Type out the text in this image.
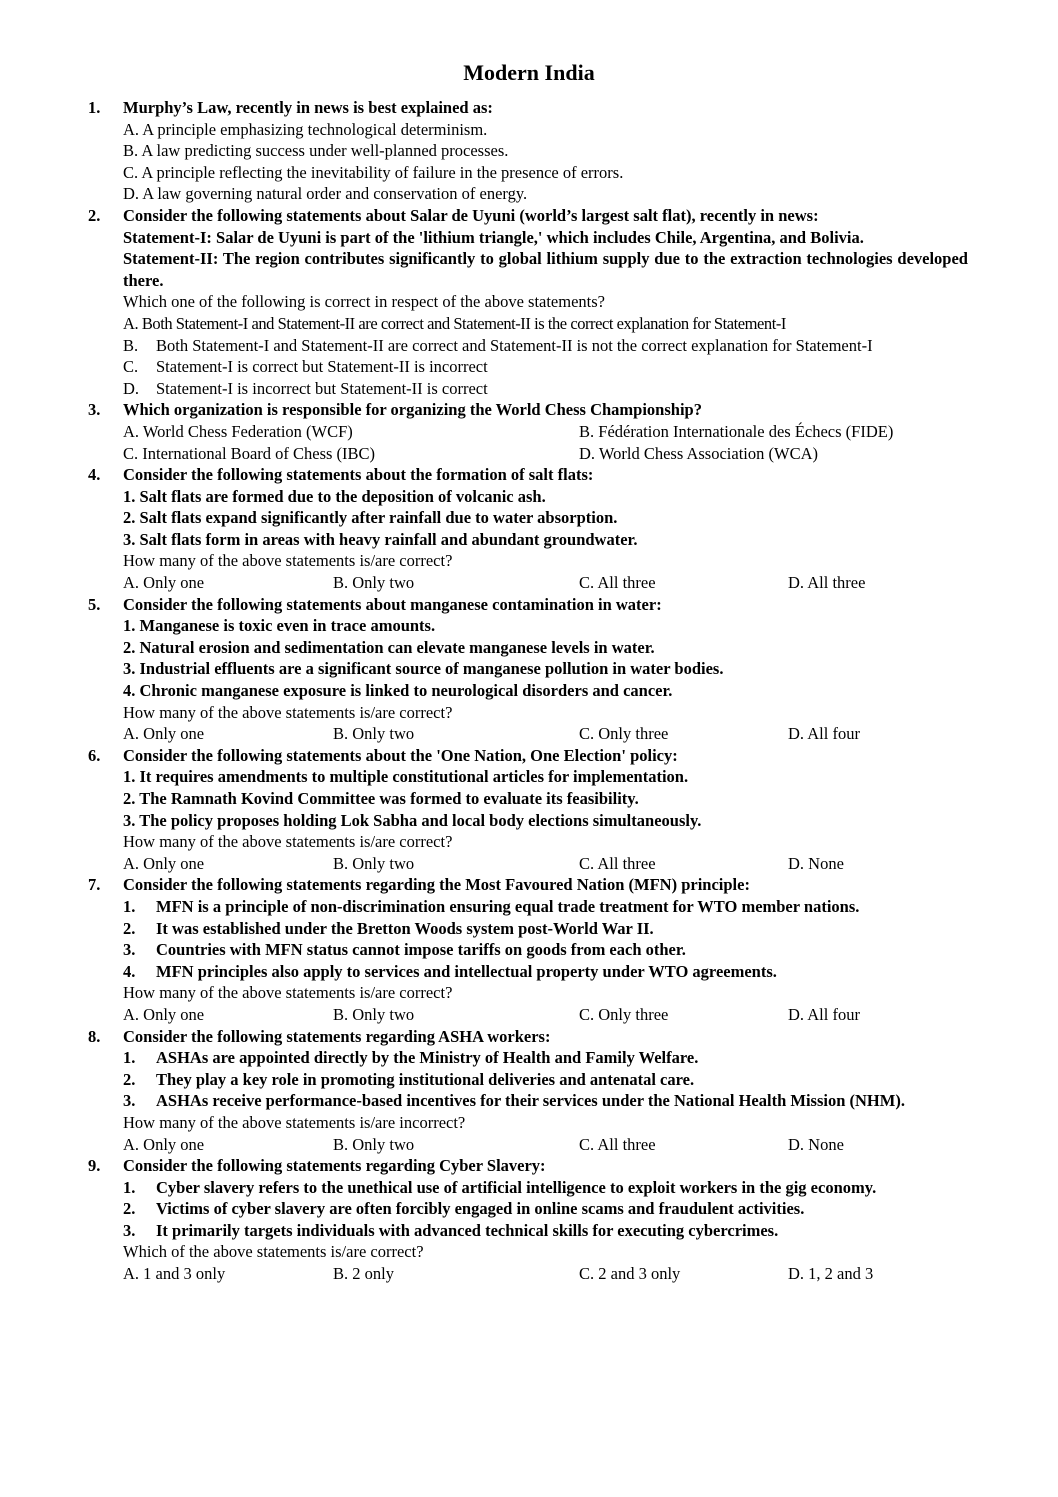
Modern India
1.	Murphy’s Law, recently in news is best explained as:
A. A principle emphasizing technological determinism.
B. A law predicting success under well-planned processes.
C. A principle reflecting the inevitability of failure in the presence of errors.
D. A law governing natural order and conservation of energy.
2.	Consider the following statements about Salar de Uyuni (world’s largest salt flat), recently in news:
Statement-I: Salar de Uyuni is part of the 'lithium triangle,' which includes Chile, Argentina, and Bolivia.
Statement-II: The region contributes significantly to global lithium supply due to the extraction technologies developed there.
Which one of the following is correct in respect of the above statements?
A. Both Statement-I and Statement-II are correct and Statement-II is the correct explanation for Statement-I
B.	Both Statement-I and Statement-II are correct and Statement-II is not the correct explanation for Statement-I
C.	Statement-I is correct but Statement-II is incorrect
D.	Statement-I is incorrect but Statement-II is correct
3.	Which organization is responsible for organizing the World Chess Championship?
A. World Chess Federation (WCF)	B. Fédération Internationale des Échecs (FIDE)
C. International Board of Chess (IBC)	D. World Chess Association (WCA)
4.	Consider the following statements about the formation of salt flats:
1. Salt flats are formed due to the deposition of volcanic ash.
2. Salt flats expand significantly after rainfall due to water absorption.
3. Salt flats form in areas with heavy rainfall and abundant groundwater.
How many of the above statements is/are correct?
A. Only one	B. Only two	C. All three	D. All three
5.	Consider the following statements about manganese contamination in water:
1. Manganese is toxic even in trace amounts.
2. Natural erosion and sedimentation can elevate manganese levels in water.
3. Industrial effluents are a significant source of manganese pollution in water bodies.
4. Chronic manganese exposure is linked to neurological disorders and cancer.
How many of the above statements is/are correct?
A. Only one	B. Only two	C. Only three	D. All four
6.	Consider the following statements about the 'One Nation, One Election' policy:
1. It requires amendments to multiple constitutional articles for implementation.
2. The Ramnath Kovind Committee was formed to evaluate its feasibility.
3. The policy proposes holding Lok Sabha and local body elections simultaneously.
How many of the above statements is/are correct?
A. Only one	B. Only two	C. All three	D. None
7.	Consider the following statements regarding the Most Favoured Nation (MFN) principle:
1.	MFN is a principle of non-discrimination ensuring equal trade treatment for WTO member nations.
2.	It was established under the Bretton Woods system post-World War II.
3.	Countries with MFN status cannot impose tariffs on goods from each other.
4.	MFN principles also apply to services and intellectual property under WTO agreements.
How many of the above statements is/are correct?
A. Only one	B. Only two	C. Only three	D. All four
8.	Consider the following statements regarding ASHA workers:
1.	ASHAs are appointed directly by the Ministry of Health and Family Welfare.
2.	They play a key role in promoting institutional deliveries and antenatal care.
3.	ASHAs receive performance-based incentives for their services under the National Health Mission (NHM).
How many of the above statements is/are incorrect?
A. Only one	B. Only two	C. All three	D. None
9.	Consider the following statements regarding Cyber Slavery:
1.	Cyber slavery refers to the unethical use of artificial intelligence to exploit workers in the gig economy.
2.	Victims of cyber slavery are often forcibly engaged in online scams and fraudulent activities.
3.	It primarily targets individuals with advanced technical skills for executing cybercrimes.
Which of the above statements is/are correct?
A. 1 and 3 only	B. 2 only	C. 2 and 3 only	D. 1, 2 and 3
